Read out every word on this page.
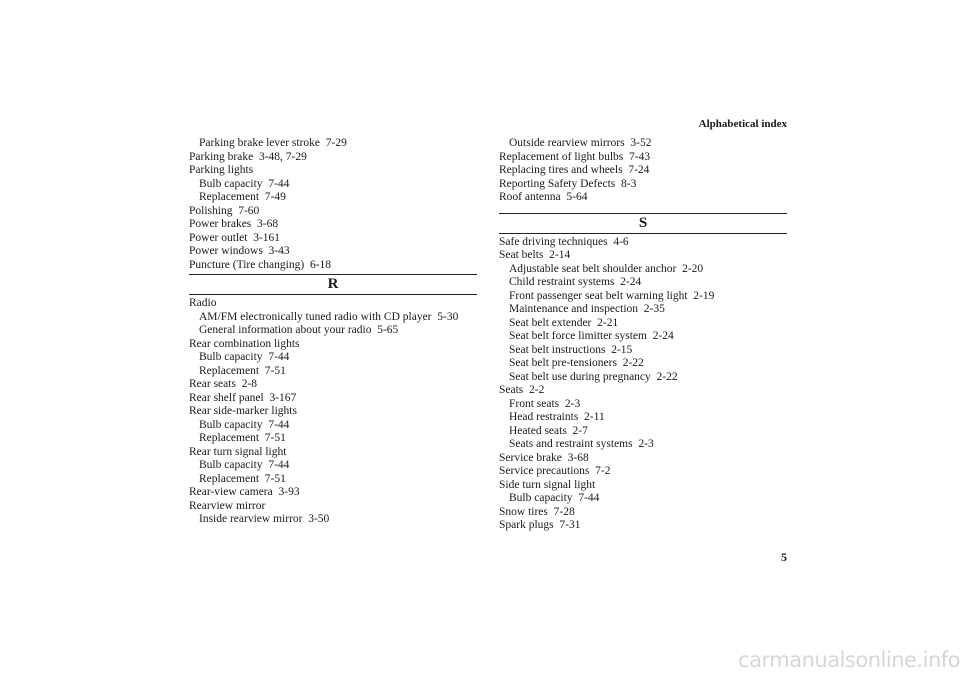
Alphabetical index
Parking brake lever stroke 7-29
Parking brake 3-48, 7-29
Parking lights
Bulb capacity 7-44
Replacement 7-49
Polishing 7-60
Power brakes 3-68
Power outlet 3-161
Power windows 3-43
Puncture (Tire changing) 6-18
R
Radio
AM/FM electronically tuned radio with CD player 5-30
General information about your radio 5-65
Rear combination lights
Bulb capacity 7-44
Replacement 7-51
Rear seats 2-8
Rear shelf panel 3-167
Rear side-marker lights
Bulb capacity 7-44
Replacement 7-51
Rear turn signal light
Bulb capacity 7-44
Replacement 7-51
Rear-view camera 3-93
Rearview mirror
Inside rearview mirror 3-50
Outside rearview mirrors 3-52
Replacement of light bulbs 7-43
Replacing tires and wheels 7-24
Reporting Safety Defects 8-3
Roof antenna 5-64
S
Safe driving techniques 4-6
Seat belts 2-14
Adjustable seat belt shoulder anchor 2-20
Child restraint systems 2-24
Front passenger seat belt warning light 2-19
Maintenance and inspection 2-35
Seat belt extender 2-21
Seat belt force limitter system 2-24
Seat belt instructions 2-15
Seat belt pre-tensioners 2-22
Seat belt use during pregnancy 2-22
Seats 2-2
Front seats 2-3
Head restraints 2-11
Heated seats 2-7
Seats and restraint systems 2-3
Service brake 3-68
Service precautions 7-2
Side turn signal light
Bulb capacity 7-44
Snow tires 7-28
Spark plugs 7-31
5
carmanualsonline.info
